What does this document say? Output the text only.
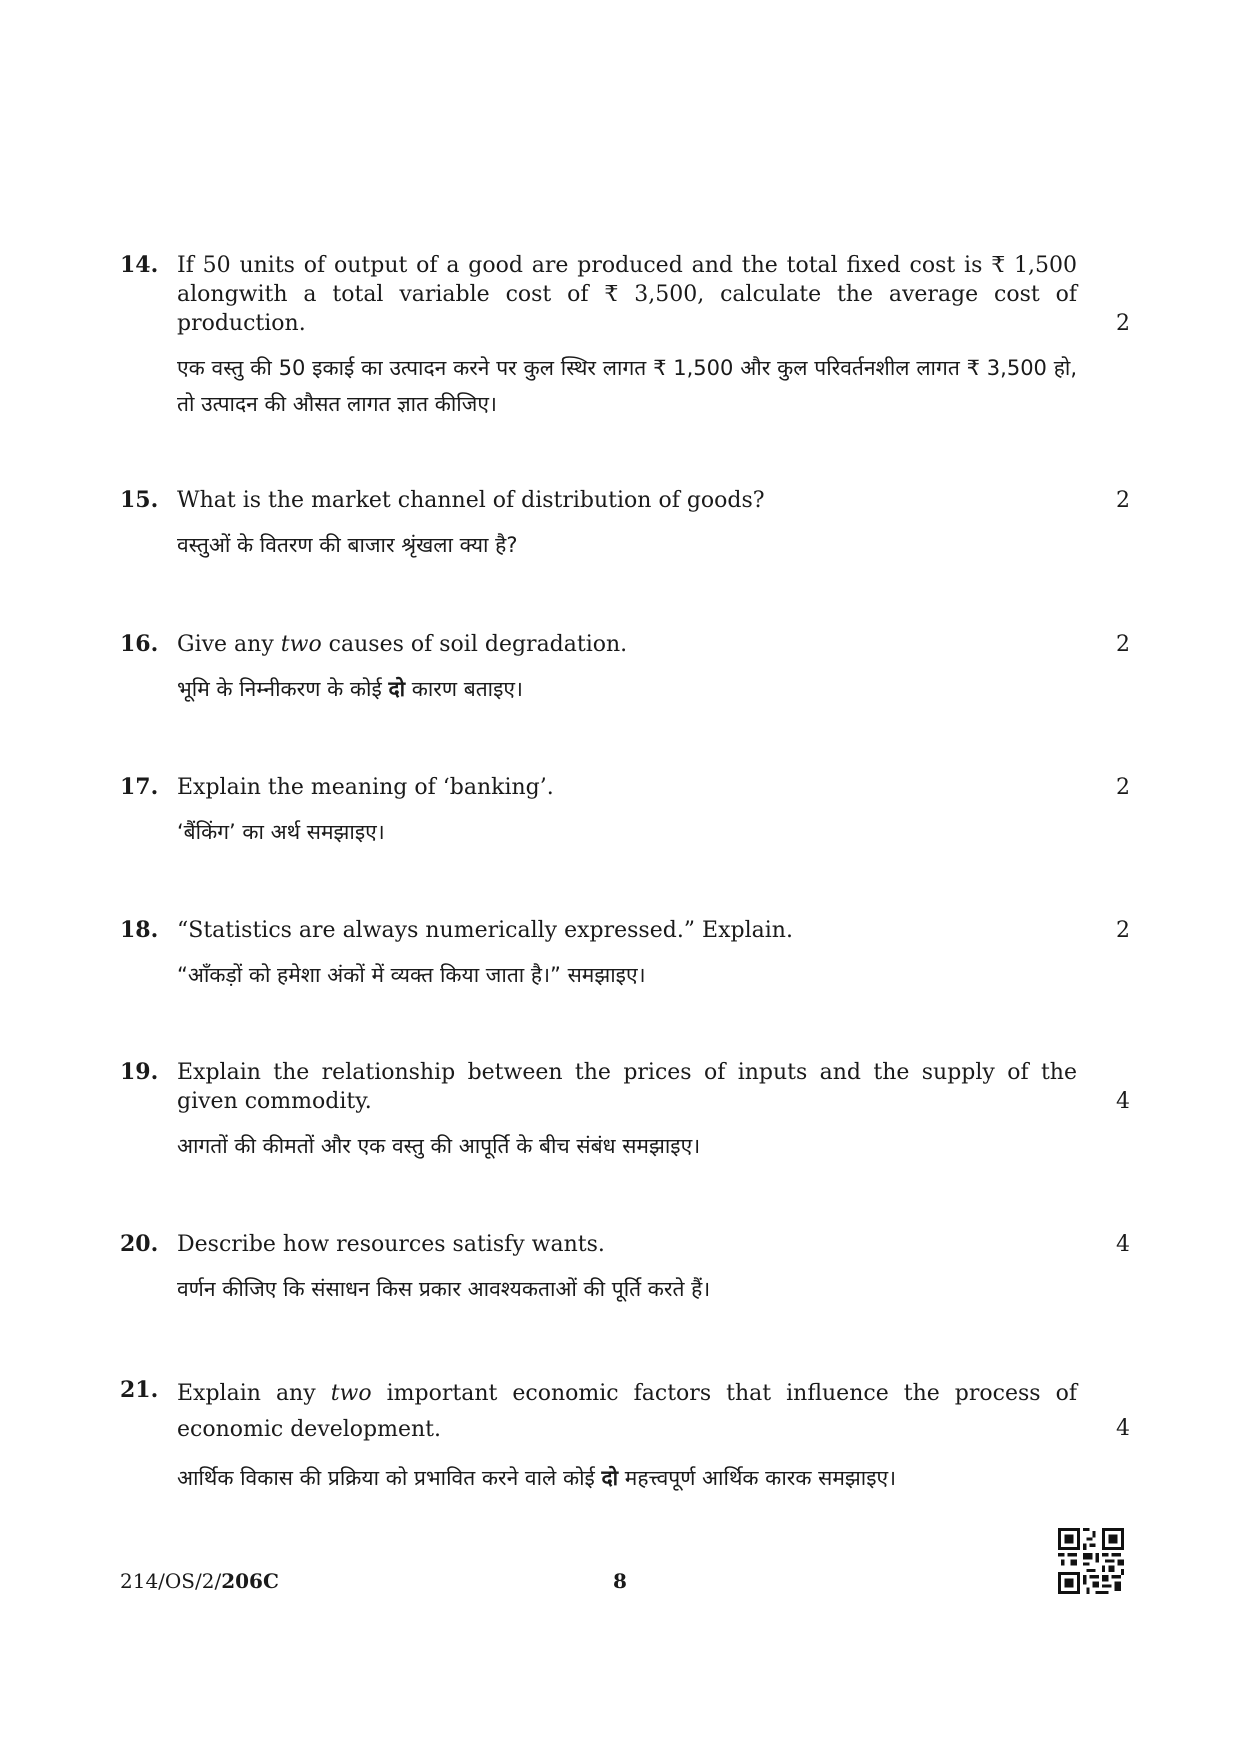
14. If 50 units of output of a good are produced and the total fixed cost is ₹ 1,500 alongwith a total variable cost of ₹ 3,500, calculate the average cost of production.	2
एक वस्तु की 50 इकाई का उत्पादन करने पर कुल स्थिर लागत ₹ 1,500 और कुल परिवर्तनशील लागत ₹ 3,500 हो, तो उत्पादन की औसत लागत ज्ञात कीजिए।
15. What is the market channel of distribution of goods?	2
वस्तुओं के वितरण की बाजार श्रृंखला क्या है?
16. Give any two causes of soil degradation.	2
भूमि के निम्नीकरण के कोई दो कारण बताइए।
17. Explain the meaning of ‘banking’.	2
‘बैंकिंग’ का अर्थ समझाइए।
18. “Statistics are always numerically expressed.” Explain.	2
“आँकड़ों को हमेशा अंकों में व्यक्त किया जाता है।” समझाइए।
19. Explain the relationship between the prices of inputs and the supply of the given commodity.	4
आगतों की कीमतों और एक वस्तु की आपूर्ति के बीच संबंध समझाइए।
20. Describe how resources satisfy wants.	4
वर्णन कीजिए कि संसाधन किस प्रकार आवश्यकताओं की पूर्ति करते हैं।
21. Explain any two important economic factors that influence the process of economic development.	4
आर्थिक विकास की प्रक्रिया को प्रभावित करने वाले कोई दो महत्त्वपूर्ण आर्थिक कारक समझाइए।
214/OS/2/206C	8
